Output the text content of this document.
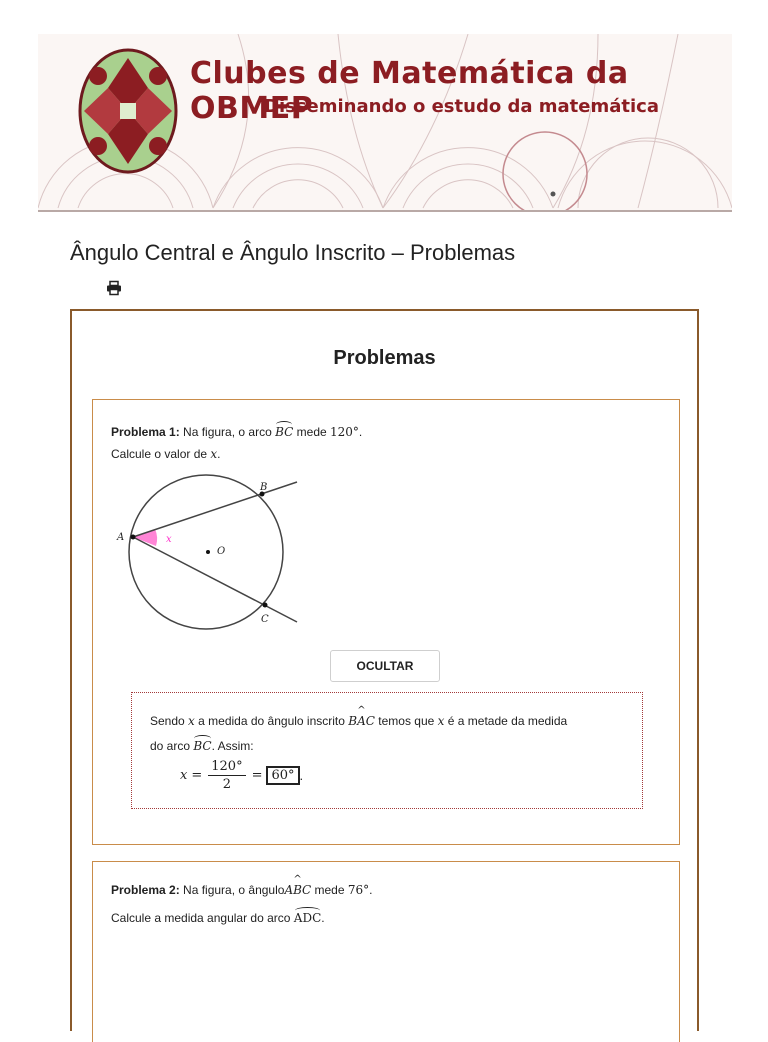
Clubes de Matemática da OBMEP
Disseminando o estudo da matemática
Ângulo Central e Ângulo Inscrito – Problemas
Problemas
Problema 1: Na figura, o arco BC mede 120°.
Calcule o valor de x.
A
B
C
O
x
OCULTAR
Sendo x a medida do ângulo inscrito B^ AC temos que x é a metade da medida
do arco BC. Assim:
$x = \frac{120^\circ}{2} = 60^\circ$ .
Problema 2: Na figura, o ânguloA^ BC mede 76°.
Calcule a medida angular do arco ADC.
